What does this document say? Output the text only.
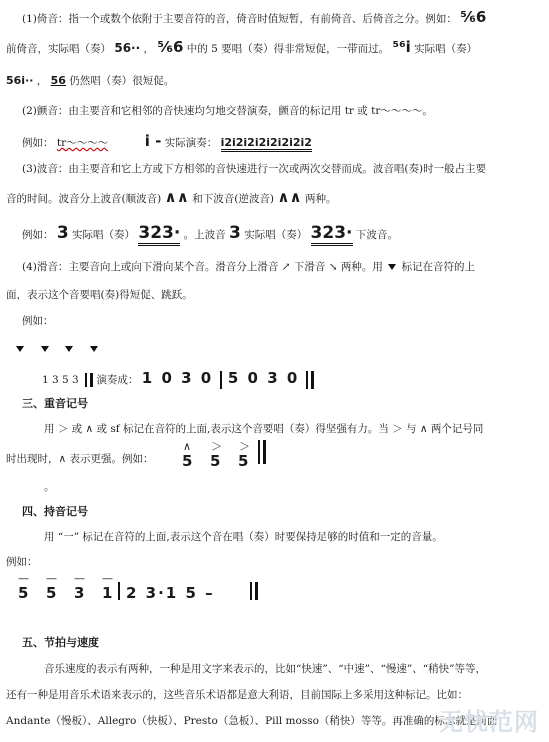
(1)倚音：指一个或数个依附于主要音符的音，倚音时值短暂，有前倚音、后倚音之分。例如： ⁵⁄₆6
前倚音，实际唱（奏） 56·· ， ⁵⁄₆6 中的 5 要唱（奏）得非常短促，一带而过。 ⁵⁶i 实际唱（奏）
56i·· ， 56 仍然唱（奏）很短促。
(2)颤音：由主要音和它相邻的音快速均匀地交替演奏，颤音的标记用 tr 或 tr～～～～。
例如： tr～～～～ i - 实际演奏： i2i2i2i2i2i2i2i2
(3)波音：由主要音和它上方或下方相邻的音快速进行一次或两次交替而成。波音唱(奏)时一般占主要
音的时间。波音分上波音(顺波音) ∧∧ 和下波音(逆波音) ∧∧ 两种。
例如： 3 实际唱（奏） 323· 。上波音 3 实际唱（奏） 323· 下波音。
(4)滑音：主要音向上或向下滑向某个音。滑音分上滑音 ↗ 下滑音 ↘ 两种。用 标记在音符的上
面，表示这个音要唱(奏)得短促、跳跃。
例如：

1 3 5 3 演奏成： 1 0 3 0 5 0 3 0
三、重音记号
用 ＞ 或 ∧ 或 sf 标记在音符的上面,表示这个音要唱（奏）得坚强有力。当 ＞ 与 ∧ 两个记号同
时出现时，∧ 表示更强。例如：
∧ ＞ ＞
5 5 5
。
四、持音记号
用 “一” 标记在音符的上面,表示这个音在唱（奏）时要保持足够的时值和一定的音量。
例如：
— — — —
5 5 3 1 2 3·1 5 –
五、节拍与速度
音乐速度的表示有两种，一种是用文字来表示的，比如“快速”、“中速”、“慢速”、“稍快”等等，
还有一种是用音乐术语来表示的，这些音乐术语都是意大利语，目前国际上多采用这种标记。比如：
Andante（慢板）、Allegro（快板）、Presto（急板）、Pill mosso（稍快）等等。再准确的标志就是前面
无忧范网
